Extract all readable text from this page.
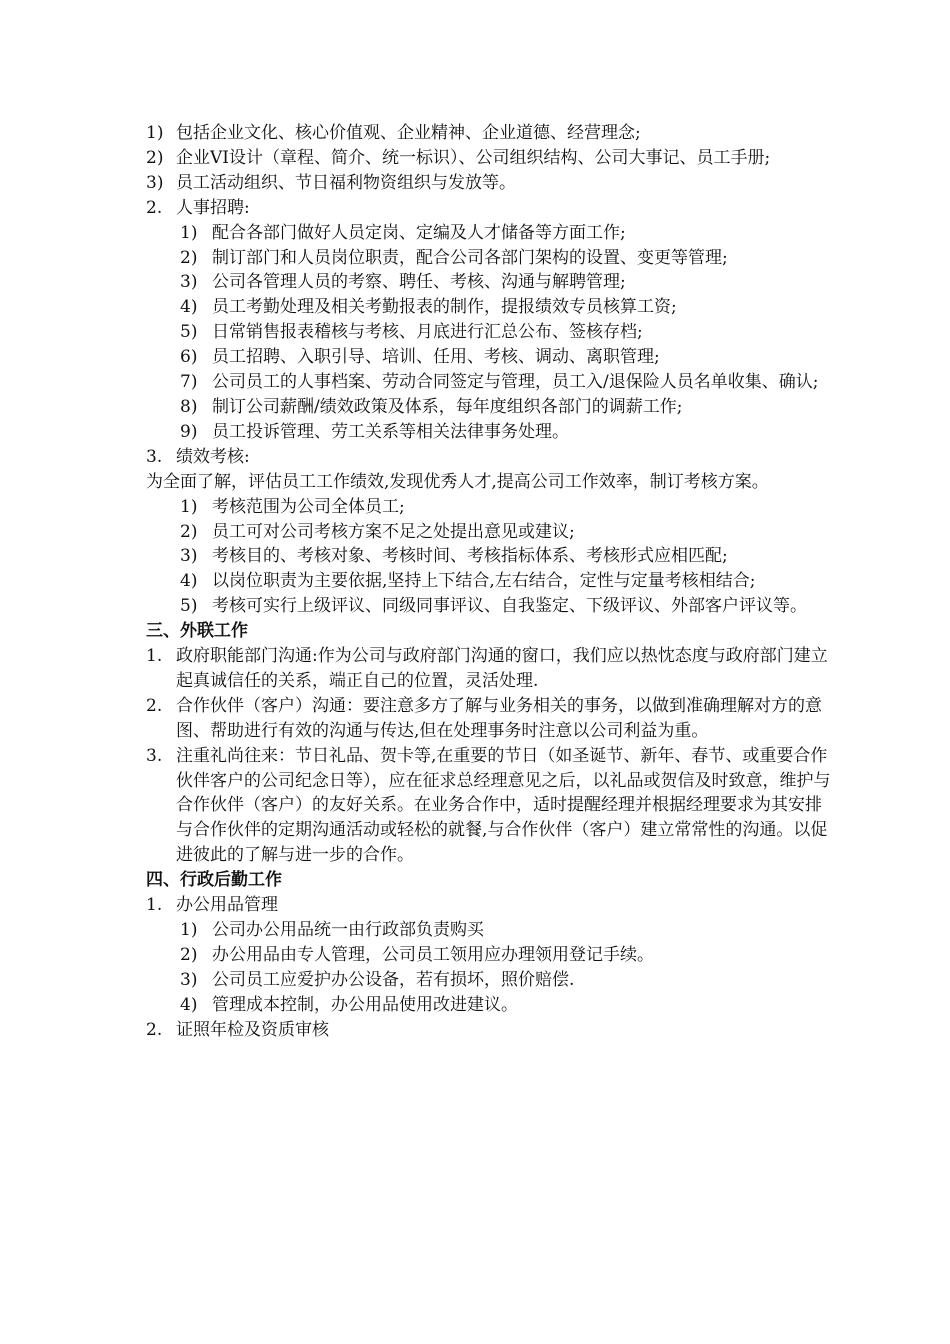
1) 包括企业文化、核心价值观、企业精神、企业道德、经营理念;
2) 企业VI设计（章程、简介、统一标识）、公司组织结构、公司大事记、员工手册;
3) 员工活动组织、节日福利物资组织与发放等。
2. 人事招聘:
1) 配合各部门做好人员定岗、定编及人才储备等方面工作;
2) 制订部门和人员岗位职责，配合公司各部门架构的设置、变更等管理;
3) 公司各管理人员的考察、聘任、考核、沟通与解聘管理;
4) 员工考勤处理及相关考勤报表的制作，提报绩效专员核算工资;
5) 日常销售报表稽核与考核、月底进行汇总公布、签核存档;
6) 员工招聘、入职引导、培训、任用、考核、调动、离职管理;
7) 公司员工的人事档案、劳动合同签定与管理，员工入/退保险人员名单收集、确认;
8) 制订公司薪酬/绩效政策及体系，每年度组织各部门的调薪工作;
9) 员工投诉管理、劳工关系等相关法律事务处理。
3. 绩效考核:
为全面了解，评估员工工作绩效,发现优秀人才,提高公司工作效率，制订考核方案。
1) 考核范围为公司全体员工;
2) 员工可对公司考核方案不足之处提出意见或建议;
3) 考核目的、考核对象、考核时间、考核指标体系、考核形式应相匹配;
4) 以岗位职责为主要依据,坚持上下结合,左右结合，定性与定量考核相结合;
5) 考核可实行上级评议、同级同事评议、自我鉴定、下级评议、外部客户评议等。
三、外联工作
1. 政府职能部门沟通:作为公司与政府部门沟通的窗口，我们应以热忱态度与政府部门建立起真诚信任的关系，端正自己的位置，灵活处理.
2. 合作伙伴（客户）沟通：要注意多方了解与业务相关的事务，以做到准确理解对方的意图、帮助进行有效的沟通与传达,但在处理事务时注意以公司利益为重。
3. 注重礼尚往来：节日礼品、贺卡等,在重要的节日（如圣诞节、新年、春节、或重要合作伙伴客户的公司纪念日等），应在征求总经理意见之后，以礼品或贺信及时致意，维护与合作伙伴（客户）的友好关系。在业务合作中，适时提醒经理并根据经理要求为其安排与合作伙伴的定期沟通活动或轻松的就餐,与合作伙伴（客户）建立常常性的沟通。以促进彼此的了解与进一步的合作。
四、行政后勤工作
1. 办公用品管理
1) 公司办公用品统一由行政部负责购买
2) 办公用品由专人管理，公司员工领用应办理领用登记手续。
3) 公司员工应爱护办公设备，若有损坏，照价赔偿.
4) 管理成本控制，办公用品使用改进建议。
2. 证照年检及资质审核
